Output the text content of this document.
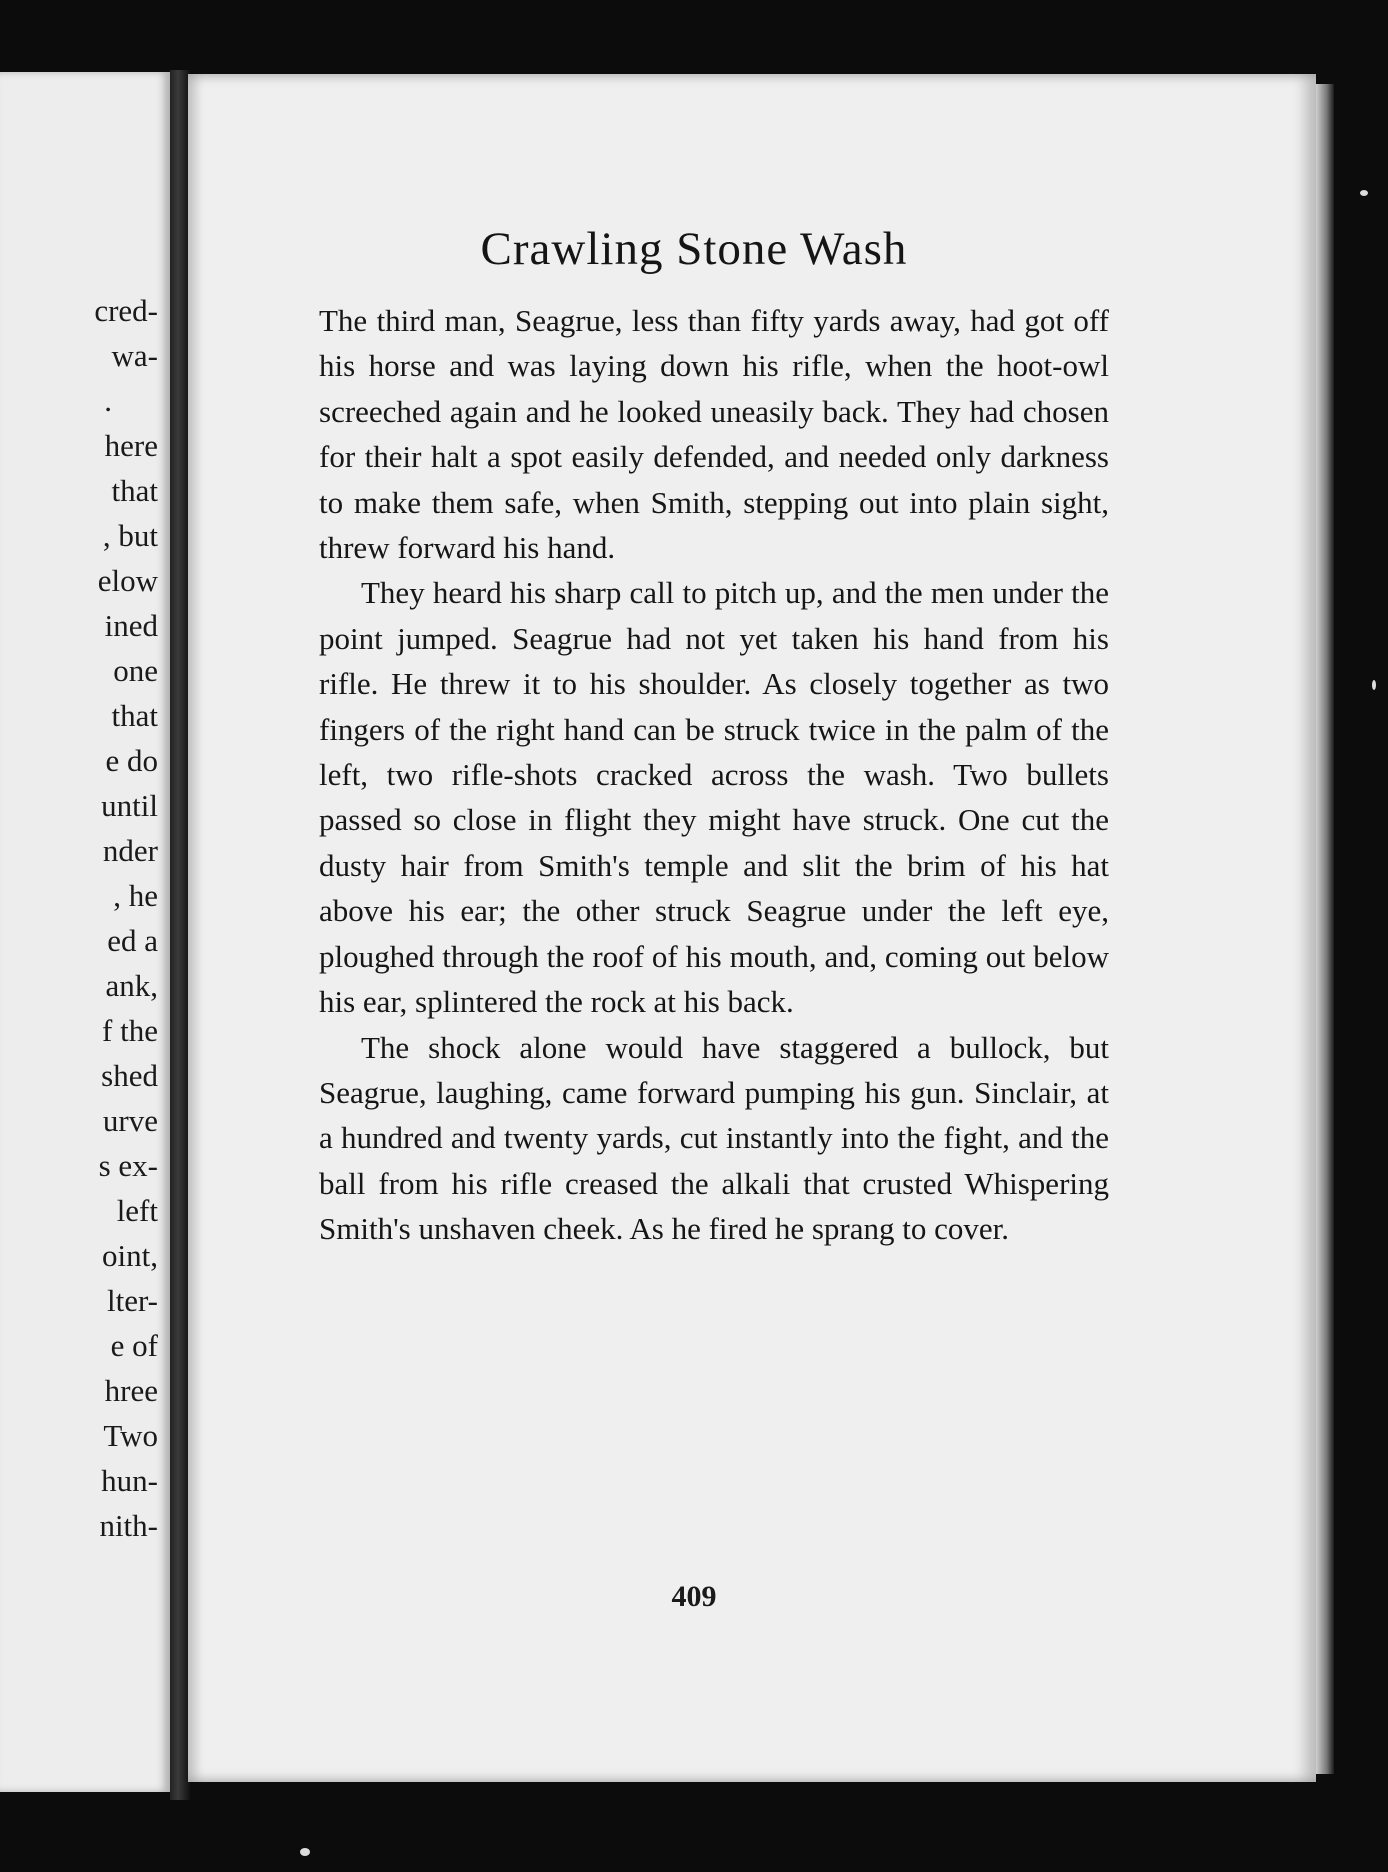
cred-
wa-
.
here
that
, but
elow
ined
one
that
e do
until
nder
, he
ed a
ank,
f the
shed
urve
s ex-
left
oint,
lter-
e of
hree
Two
hun-
nith-
Crawling Stone Wash

The third man, Seagrue, less than fifty yards away, had got off his horse and was laying down his rifle, when the hoot-owl screeched again and he looked uneasily back. They had chosen for their halt a spot easily defended, and needed only darkness to make them safe, when Smith, stepping out into plain sight, threw forward his hand.

They heard his sharp call to pitch up, and the men under the point jumped. Seagrue had not yet taken his hand from his rifle. He threw it to his shoulder. As closely together as two fingers of the right hand can be struck twice in the palm of the left, two rifle-shots cracked across the wash. Two bullets passed so close in flight they might have struck. One cut the dusty hair from Smith's temple and slit the brim of his hat above his ear; the other struck Seagrue under the left eye, ploughed through the roof of his mouth, and, coming out below his ear, splintered the rock at his back.

The shock alone would have staggered a bullock, but Seagrue, laughing, came forward pumping his gun. Sinclair, at a hundred and twenty yards, cut instantly into the fight, and the ball from his rifle creased the alkali that crusted Whispering Smith's unshaven cheek. As he fired he sprang to cover.

409
